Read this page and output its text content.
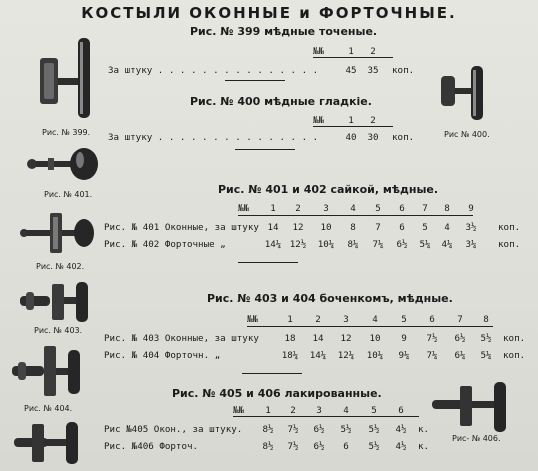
КОСТЫЛИ ОКОННЫЕ и ФОРТОЧНЫЕ.
Рис. № 399 мѣдные точеные.
№№	1 2
За штуку . . . . . . . . . . . . . . .	45 35	коп.
Рис. № 399.
Рис. № 400 мѣдные гладкіе.
№№	1 2
За штуку . . . . . . . . . . . . . . .	40 30	коп.	Рис № 400.
Рис. № 401 и 402 сайкой, мѣдные.
№№	1 2 3 4 5 6 7 8 9
Рис. № 401 Оконные, за штуку 14 12 10 8 7 6 5 4 3½	коп.
Рис. № 402 Форточные „	14¼ 12½ 10¼ 8¼ 7¼ 6½ 5¼ 4¼ 3¼	коп.
Рис. № 401.
Рис. № 402.
Рис. № 403 и 404 боченкомъ, мѣдные.
№№	1 2 3	4	5 6 7 8
Рис. № 403 Оконные, за штуку	18 14 12 10 9 7½ 6½ 5½	коп.
Рис. № 404 Форточн. „	18¼ 14¼ 12¼ 10¼ 9¼ 7¼ 6¼ 5¼	коп.
Рис. № 403.
Рис. № 404.
Рис. № 405 и 406 лакированные.
№№	1 2 3 4 5 6
Рис №405 Окон., за штуку.	8½ 7½ 6½ 5½ 5½ 4½	к.
Рис. №406 Форточ.	8½ 7½ 6½ 6 5½ 4½	к.
Рис- № 406.
